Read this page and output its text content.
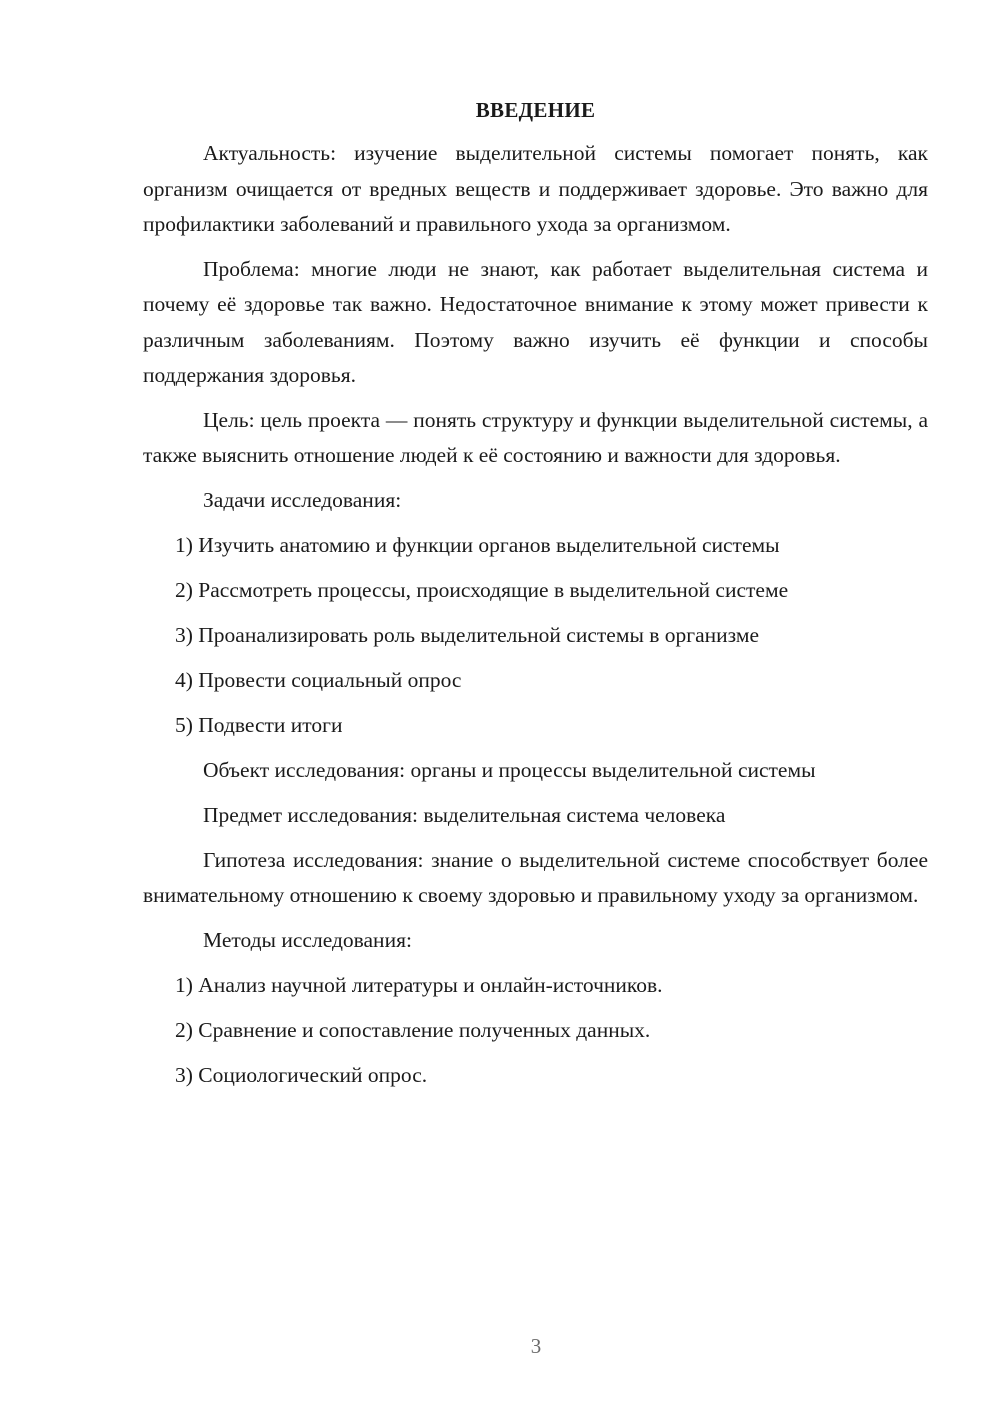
ВВЕДЕНИЕ

Актуальность: изучение выделительной системы помогает понять, как организм очищается от вредных веществ и поддерживает здоровье. Это важно для профилактики заболеваний и правильного ухода за организмом.

Проблема: многие люди не знают, как работает выделительная система и почему её здоровье так важно. Недостаточное внимание к этому может привести к различным заболеваниям. Поэтому важно изучить её функции и способы поддержания здоровья.

Цель: цель проекта — понять структуру и функции выделительной системы, а также выяснить отношение людей к её состоянию и важности для здоровья.

Задачи исследования:
1) Изучить анатомию и функции органов выделительной системы
2) Рассмотреть процессы, происходящие в выделительной системе
3) Проанализировать роль выделительной системы в организме
4) Провести социальный опрос
5) Подвести итоги
Объект исследования: органы и процессы выделительной системы
Предмет исследования: выделительная система человека

Гипотеза исследования: знание о выделительной системе способствует более внимательному отношению к своему здоровью и правильному уходу за организмом.

Методы исследования:
1) Анализ научной литературы и онлайн-источников.
2) Сравнение и сопоставление полученных данных.
3) Социологический опрос.
3
